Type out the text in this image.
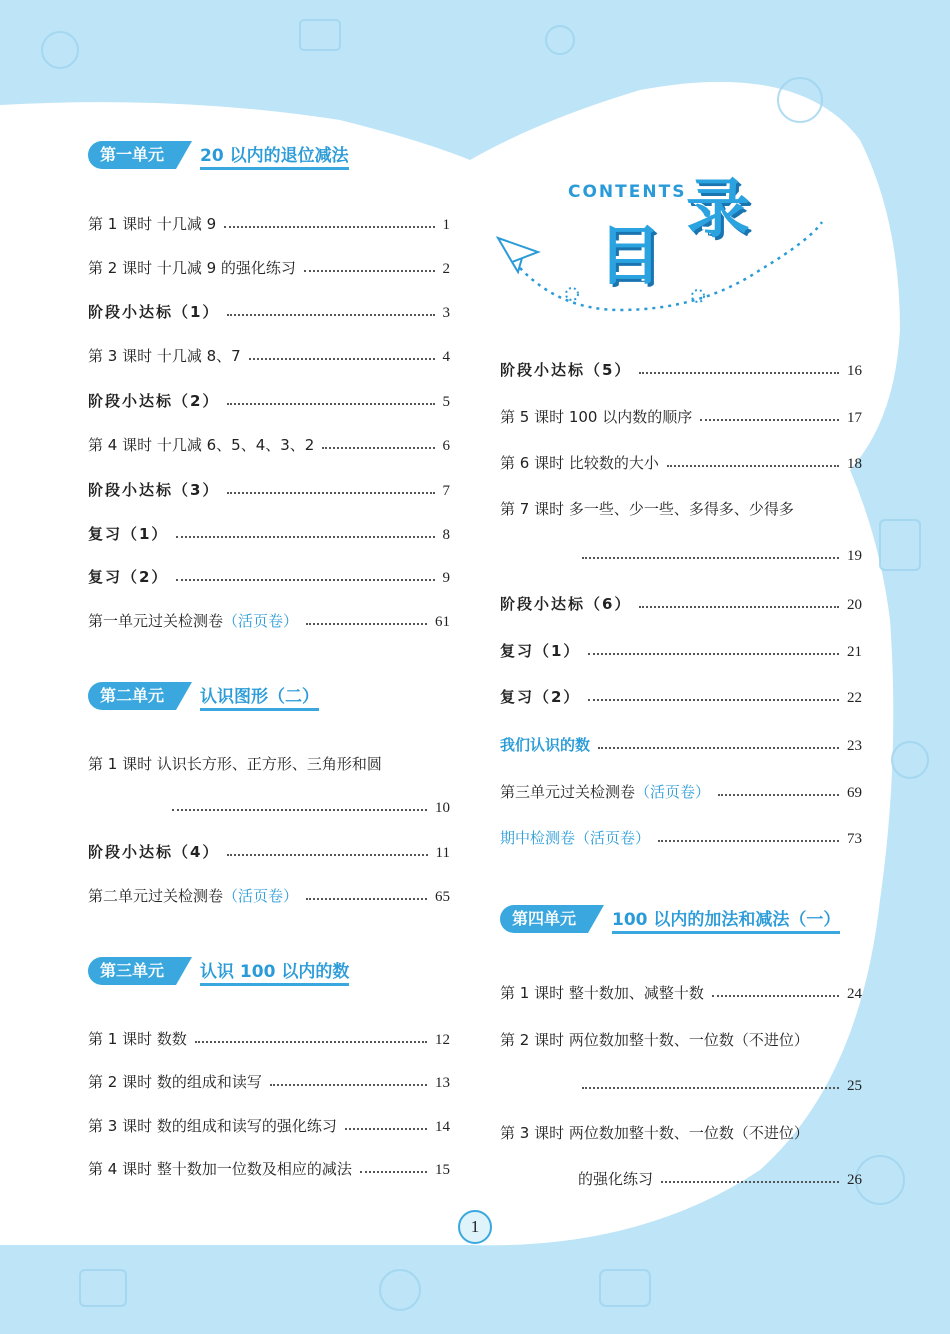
CONTENTS
目
录
第一单元	20 以内的退位减法
第 1 课时 十几减 9	1
第 2 课时 十几减 9 的强化练习	2
阶段小达标（1）	3
第 3 课时 十几减 8、7	4
阶段小达标（2）	5
第 4 课时 十几减 6、5、4、3、2	6
阶段小达标（3）	7
复习（1）	8
复习（2）	9
第一单元过关检测卷（活页卷）	61
第二单元	认识图形（二）
第 1 课时 认识长方形、正方形、三角形和圆
10
阶段小达标（4）	11
第二单元过关检测卷（活页卷）	65
第三单元	认识 100 以内的数
第 1 课时 数数	12
第 2 课时 数的组成和读写	13
第 3 课时 数的组成和读写的强化练习	14
第 4 课时 整十数加一位数及相应的减法	15
阶段小达标（5）	16
第 5 课时 100 以内数的顺序	17
第 6 课时 比较数的大小	18
第 7 课时 多一些、少一些、多得多、少得多
19
阶段小达标（6）	20
复习（1）	21
复习（2）	22
我们认识的数	23
第三单元过关检测卷（活页卷）	69
期中检测卷（活页卷）	73
第四单元	100 以内的加法和减法（一）
第 1 课时 整十数加、减整十数	24
第 2 课时 两位数加整十数、一位数（不进位）
25
第 3 课时 两位数加整十数、一位数（不进位）
的强化练习	26
1
